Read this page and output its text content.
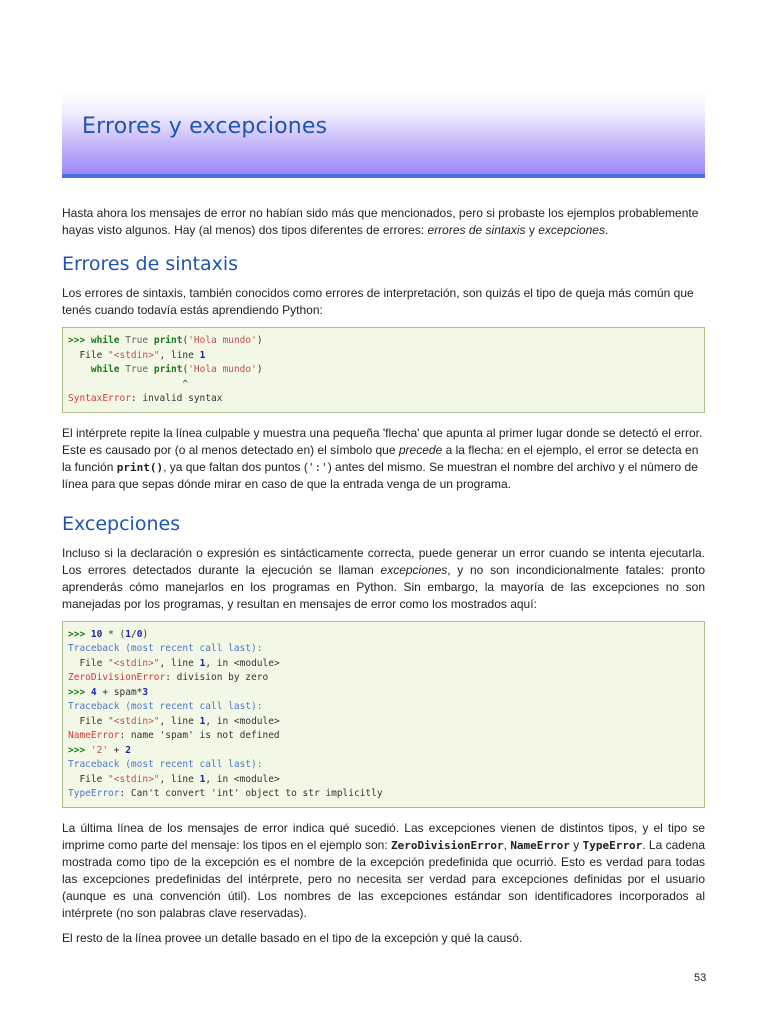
Errores y excepciones

Hasta ahora los mensajes de error no habían sido más que mencionados, pero si probaste los ejemplos probablemente hayas visto algunos. Hay (al menos) dos tipos diferentes de errores: errores de sintaxis y excepciones.

Errores de sintaxis

Los errores de sintaxis, también conocidos como errores de interpretación, son quizás el tipo de queja más común que tenés cuando todavía estás aprendiendo Python:

>>> while True print('Hola mundo')
File "<stdin>", line 1
while True print('Hola mundo')
^
SyntaxError: invalid syntax

El intérprete repite la línea culpable y muestra una pequeña 'flecha' que apunta al primer lugar donde se detectó el error. Este es causado por (o al menos detectado en) el símbolo que precede a la flecha: en el ejemplo, el error se detecta en la función print(), ya que faltan dos puntos (':') antes del mismo. Se muestran el nombre del archivo y el número de línea para que sepas dónde mirar en caso de que la entrada venga de un programa.

Excepciones

Incluso si la declaración o expresión es sintácticamente correcta, puede generar un error cuando se intenta ejecutarla. Los errores detectados durante la ejecución se llaman excepciones, y no son incondicionalmente fatales: pronto aprenderás cómo manejarlos en los programas en Python. Sin embargo, la mayoría de las excepciones no son manejadas por los programas, y resultan en mensajes de error como los mostrados aquí:

>>> 10 * (1/0)
Traceback (most recent call last):
File "<stdin>", line 1, in <module>
ZeroDivisionError: division by zero
>>> 4 + spam*3
Traceback (most recent call last):
File "<stdin>", line 1, in <module>
NameError: name 'spam' is not defined
>>> '2' + 2
Traceback (most recent call last):
File "<stdin>", line 1, in <module>
TypeError: Can't convert 'int' object to str implicitly

La última línea de los mensajes de error indica qué sucedió. Las excepciones vienen de distintos tipos, y el tipo se imprime como parte del mensaje: los tipos en el ejemplo son: ZeroDivisionError, NameError y TypeError. La cadena mostrada como tipo de la excepción es el nombre de la excepción predefinida que ocurrió. Esto es verdad para todas las excepciones predefinidas del intérprete, pero no necesita ser verdad para excepciones definidas por el usuario (aunque es una convención útil). Los nombres de las excepciones estándar son identificadores incorporados al intérprete (no son palabras clave reservadas).

El resto de la línea provee un detalle basado en el tipo de la excepción y qué la causó.

53
